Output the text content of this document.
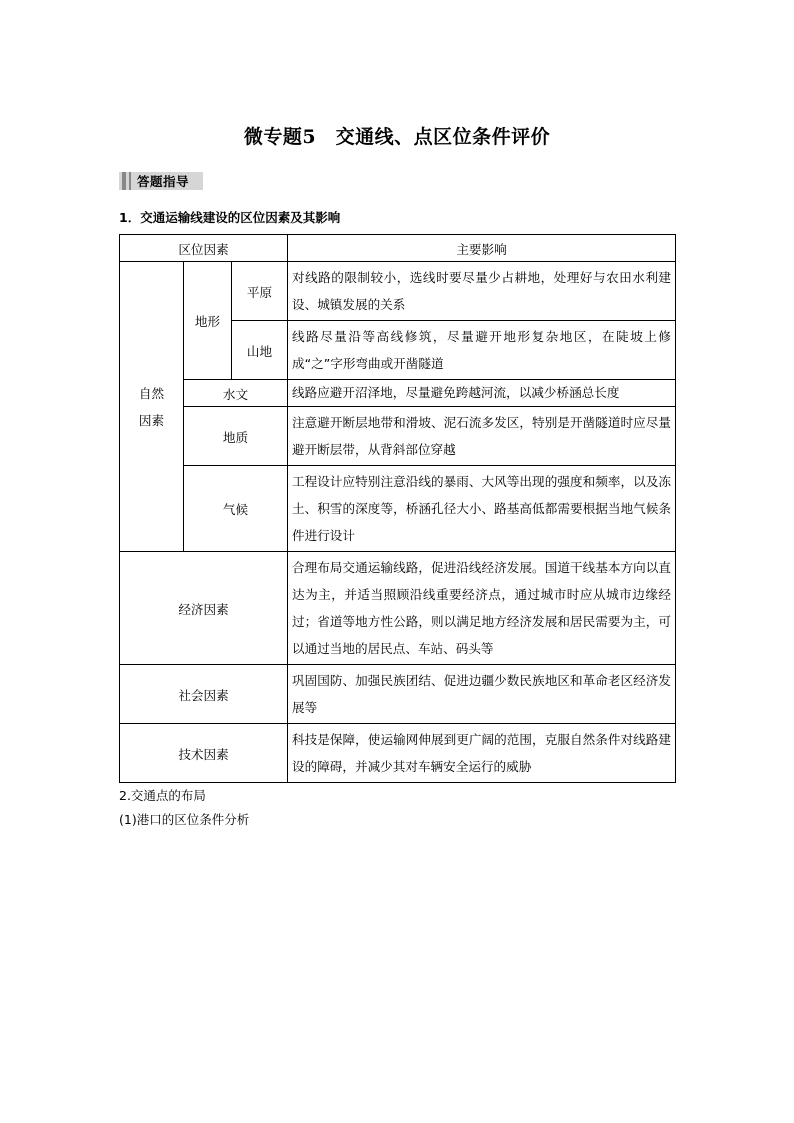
微专题5　交通线、点区位条件评价
答题指导
1．交通运输线建设的区位因素及其影响
区位因素			主要影响
自然因素	地形	平原	对线路的限制较小，选线时要尽量少占耕地，处理好与农田水利建设、城镇发展的关系
		山地	线路尽量沿等高线修筑，尽量避开地形复杂地区，在陡坡上修成“之”字形弯曲或开凿隧道
	水文		线路应避开沼泽地，尽量避免跨越河流，以减少桥涵总长度
	地质		注意避开断层地带和滑坡、泥石流多发区，特别是开凿隧道时应尽量避开断层带，从背斜部位穿越
	气候		工程设计应特别注意沿线的暴雨、大风等出现的强度和频率，以及冻土、积雪的深度等，桥涵孔径大小、路基高低都需要根据当地气候条件进行设计
经济因素			合理布局交通运输线路，促进沿线经济发展。国道干线基本方向以直达为主，并适当照顾沿线重要经济点，通过城市时应从城市边缘经过；省道等地方性公路，则以满足地方经济发展和居民需要为主，可以通过当地的居民点、车站、码头等
社会因素			巩固国防、加强民族团结、促进边疆少数民族地区和革命老区经济发展等
技术因素			科技是保障，使运输网伸展到更广阔的范围，克服自然条件对线路建设的障碍，并减少其对车辆安全运行的威胁
2.交通点的布局
(1)港口的区位条件分析
